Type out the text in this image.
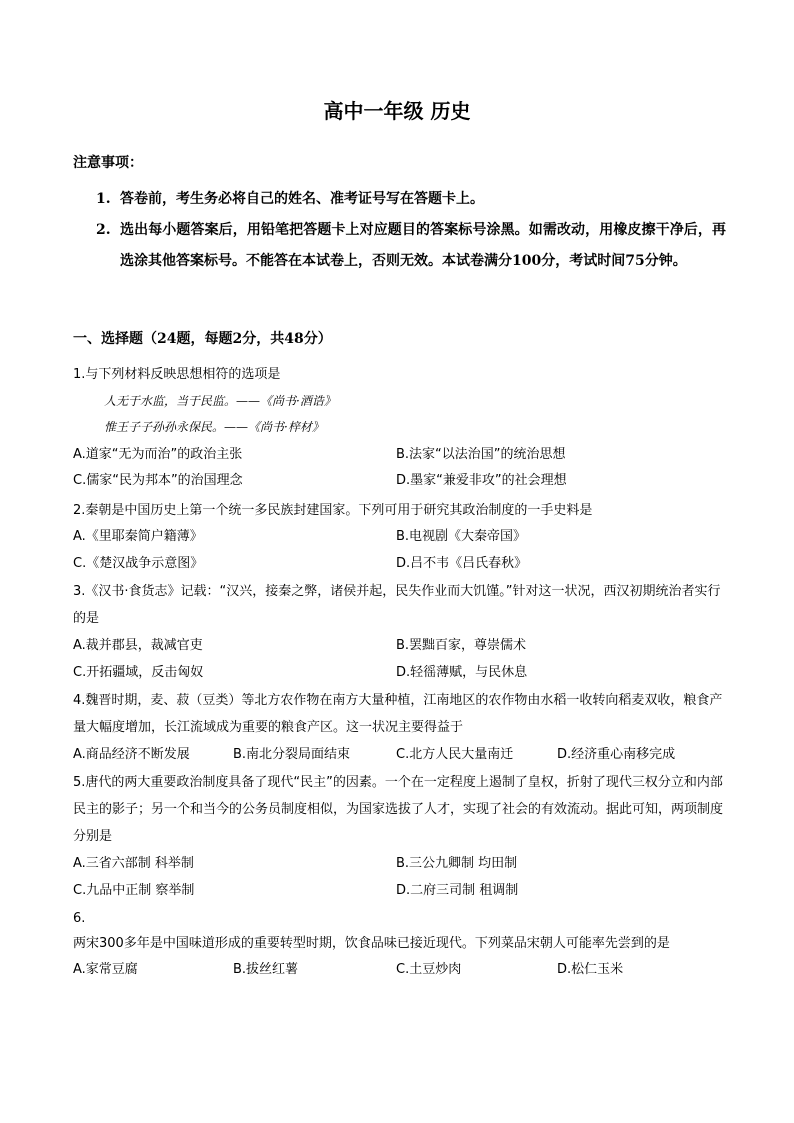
高中一年级 历史
注意事项：
1. 答卷前，考生务必将自己的姓名、准考证号写在答题卡上。
2. 选出每小题答案后，用铅笔把答题卡上对应题目的答案标号涂黑。如需改动，用橡皮擦干净后，再选涂其他答案标号。不能答在本试卷上，否则无效。本试卷满分100分，考试时间75分钟。
一、选择题（24题，每题2分，共48分）
1.与下列材料反映思想相符的选项是
人无于水监，当于民监。——《尚书·酒诰》
惟王子子孙孙永保民。——《尚书·梓材》
A.道家“无为而治”的政治主张	B.法家“以法治国”的统治思想
C.儒家“民为邦本”的治国理念	D.墨家“兼爱非攻”的社会理想
2.秦朝是中国历史上第一个统一多民族封建国家。下列可用于研究其政治制度的一手史料是
A.《里耶秦简户籍薄》	B.电视剧《大秦帝国》
C.《楚汉战争示意图》	D.吕不韦《吕氏春秋》
3.《汉书·食货志》记载：“汉兴，接秦之弊，诸侯并起，民失作业而大饥馑。”针对这一状况，西汉初期统治者实行的是
A.裁并郡县，裁减官吏	B.罢黜百家，尊崇儒术
C.开拓疆域，反击匈奴	D.轻徭薄赋，与民休息
4.魏晋时期，麦、菽（豆类）等北方农作物在南方大量种植，江南地区的农作物由水稻一收转向稻麦双收，粮食产量大幅度增加，长江流域成为重要的粮食产区。这一状况主要得益于
A.商品经济不断发展	B.南北分裂局面结束	C.北方人民大量南迁	D.经济重心南移完成
5.唐代的两大重要政治制度具备了现代“民主”的因素。一个在一定程度上遏制了皇权，折射了现代三权分立和内部民主的影子；另一个和当今的公务员制度相似，为国家选拔了人才，实现了社会的有效流动。据此可知，两项制度分别是
A.三省六部制 科举制	B.三公九卿制 均田制
C.九品中正制 察举制	D.二府三司制 租调制
6.
两宋300多年是中国味道形成的重要转型时期，饮食品味已接近现代。下列菜品宋朝人可能率先尝到的是
A.家常豆腐	B.拔丝红薯	C.土豆炒肉	D.松仁玉米
